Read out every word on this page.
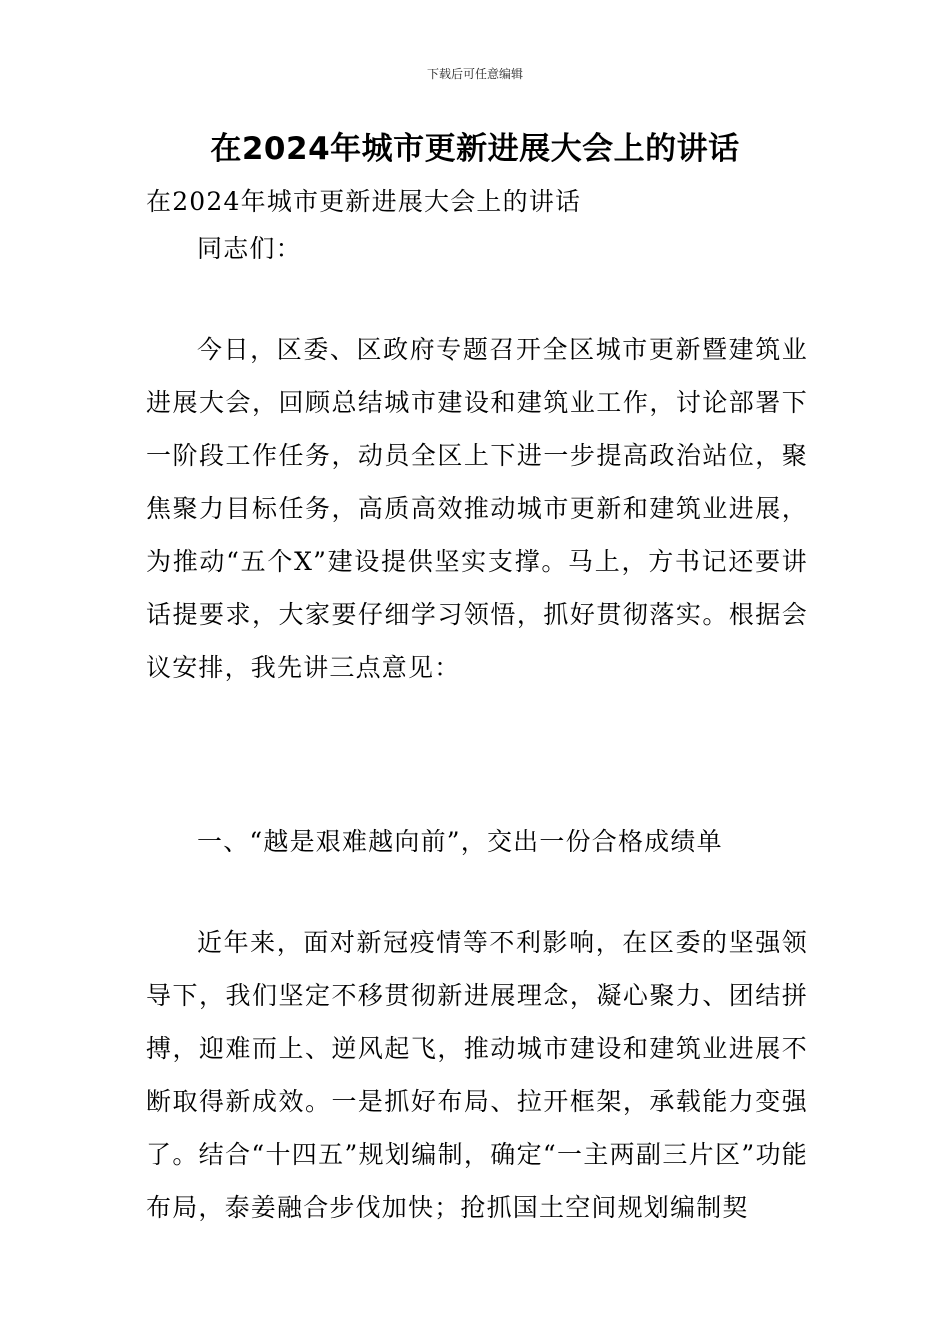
下载后可任意编辑
在2024年城市更新进展大会上的讲话

在2024年城市更新进展大会上的讲话

同志们：

今日，区委、区政府专题召开全区城市更新暨建筑业进展大会，回顾总结城市建设和建筑业工作，讨论部署下一阶段工作任务，动员全区上下进一步提高政治站位，聚焦聚力目标任务，高质高效推动城市更新和建筑业进展，为推动“五个X”建设提供坚实支撑。马上，方书记还要讲话提要求，大家要仔细学习领悟，抓好贯彻落实。根据会议安排，我先讲三点意见：

一、“越是艰难越向前”，交出一份合格成绩单

近年来，面对新冠疫情等不利影响，在区委的坚强领导下，我们坚定不移贯彻新进展理念，凝心聚力、团结拼搏，迎难而上、逆风起飞，推动城市建设和建筑业进展不断取得新成效。一是抓好布局、拉开框架，承载能力变强了。结合“十四五”规划编制，确定“一主两副三片区”功能布局，泰姜融合步伐加快；抢抓国土空间规划编制契
